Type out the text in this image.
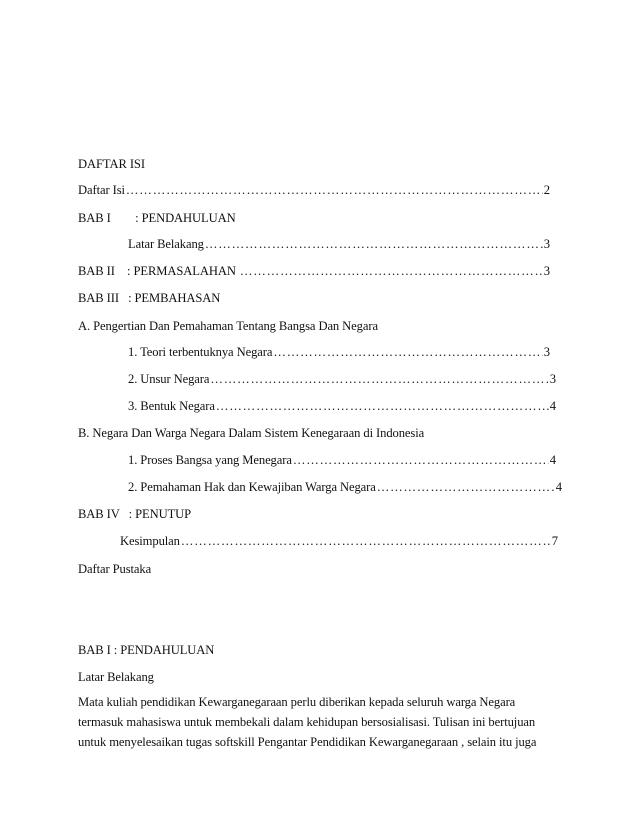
DAFTAR ISI
Daftar Isi ………………………………………………………………………………………………………………………………………………………………	2
BAB I        : PENDAHULUAN
Latar Belakang ………………………………………………………………………………………………………………………………………………………………	3
BAB II    : PERMASALAHAN ………………………………………………………………………………………………………………………………………………………………	3
BAB III   : PEMBAHASAN
A. Pengertian Dan Pemahaman Tentang Bangsa Dan Negara
1. Teori terbentuknya Negara ………………………………………………………………………………………………………………………………………………………………	3
2. Unsur Negara ………………………………………………………………………………………………………………………………………………………………	3
3. Bentuk Negara ………………………………………………………………………………………………………………………………………………………………	4
B. Negara Dan Warga Negara Dalam Sistem Kenegaraan di Indonesia
1. Proses Bangsa yang Menegara ………………………………………………………………………………………………………………………………………………………………	4
2. Pemahaman Hak dan Kewajiban Warga Negara ………………………………………………………………………………………………………………………………………………………………	4
BAB IV   : PENUTUP
Kesimpulan ………………………………………………………………………………………………………………………………………………………………	7
Daftar Pustaka
BAB I : PENDAHULUAN
Latar Belakang
Mata kuliah pendidikan Kewarganegaraan perlu diberikan kepada seluruh warga Negara
termasuk mahasiswa untuk membekali dalam kehidupan bersosialisasi. Tulisan ini bertujuan
untuk menyelesaikan tugas softskill Pengantar Pendidikan Kewarganegaraan , selain itu juga
